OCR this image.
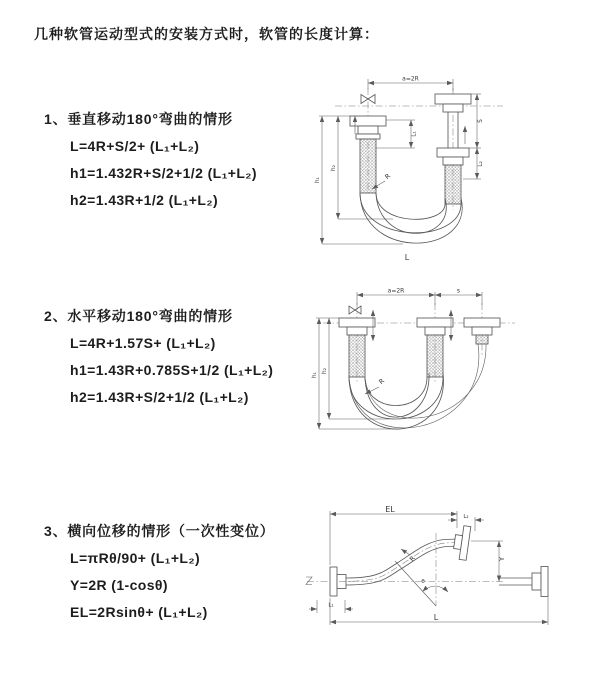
几种软管运动型式的安装方式时，软管的长度计算：
1、垂直移动180°弯曲的情形
L=4R+S/2+ (L₁+L₂)
h1=1.432R+S/2+1/2 (L₁+L₂)
h2=1.43R+1/2 (L₁+L₂)
2、水平移动180°弯曲的情形
L=4R+1.57S+ (L₁+L₂)
h1=1.43R+0.785S+1/2 (L₁+L₂)
h2=1.43R+S/2+1/2 (L₁+L₂)
3、横向位移的情形（一次性变位）
L=πRθ/90+ (L₁+L₂)
Y=2R (1-cosθ)
EL=2Rsinθ+ (L₁+L₂)
a=2R
h₁
h₂
S
L₂
L₁
R
L
a=2R	s
h₁
h₂
R
θ
EL
L₂
Y
L
L₁
R
